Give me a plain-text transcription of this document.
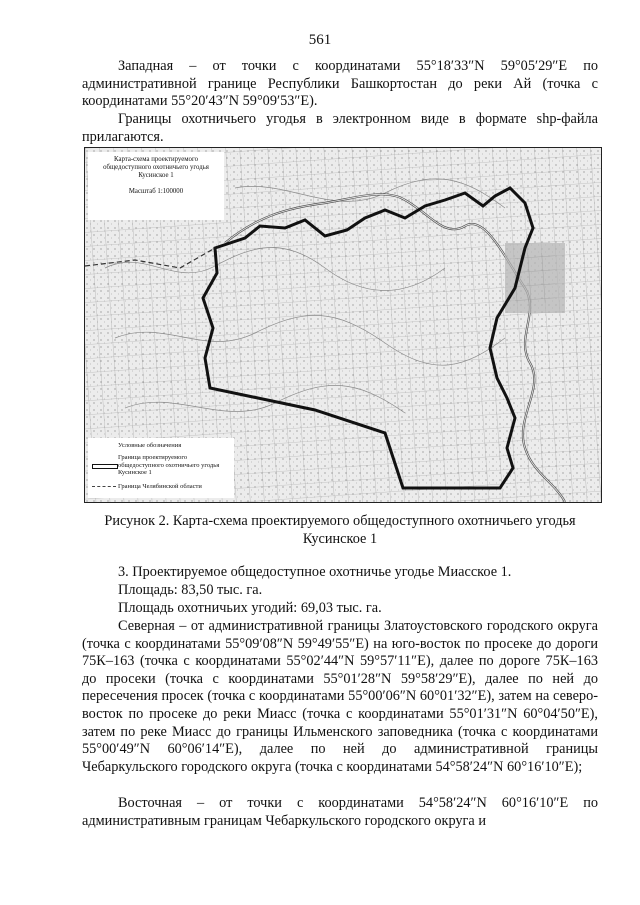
561

Западная – от точки с координатами 55°18′33″N 59°05′29″E по административной границе Республики Башкортостан до реки Ай (точка с координатами 55°20′43″N 59°09′53″E).

Границы охотничьего угодья в электронном виде в формате shp-файла прилагаются.

Карта-схема проектируемого общедоступного охотничьего угодья Кусинское 1
Масштаб 1:100000
Условные обозначения
Граница проектируемого общедоступного охотничьего угодья Кусинское 1
Граница Челябинской области
Рисунок 2. Карта-схема проектируемого общедоступного охотничьего угодья Кусинское 1
3. Проектируемое общедоступное охотничье угодье Миасское 1.
Площадь: 83,50 тыс. га.
Площадь охотничьих угодий: 69,03 тыс. га.

Северная – от административной границы Златоустовского городского округа (точка с координатами 55°09′08″N 59°49′55″E) на юго-восток по просеке до дороги 75К–163 (точка с координатами 55°02′44″N 59°57′11″E), далее по дороге 75К–163 до просеки (точка с координатами 55°01′28″N 59°58′29″E), далее по ней до пересечения просек (точка с координатами 55°00′06″N 60°01′32″E), затем на северо-восток по просеке до реки Миасс (точка с координатами 55°01′31″N 60°04′50″E), затем по реке Миасс до границы Ильменского заповедника (точка с координатами 55°00′49″N 60°06′14″E), далее по ней до административной границы Чебаркульского городского округа (точка с координатами 54°58′24″N 60°16′10″E);

Восточная – от точки с координатами 54°58′24″N 60°16′10″E по административным границам Чебаркульского городского округа и
